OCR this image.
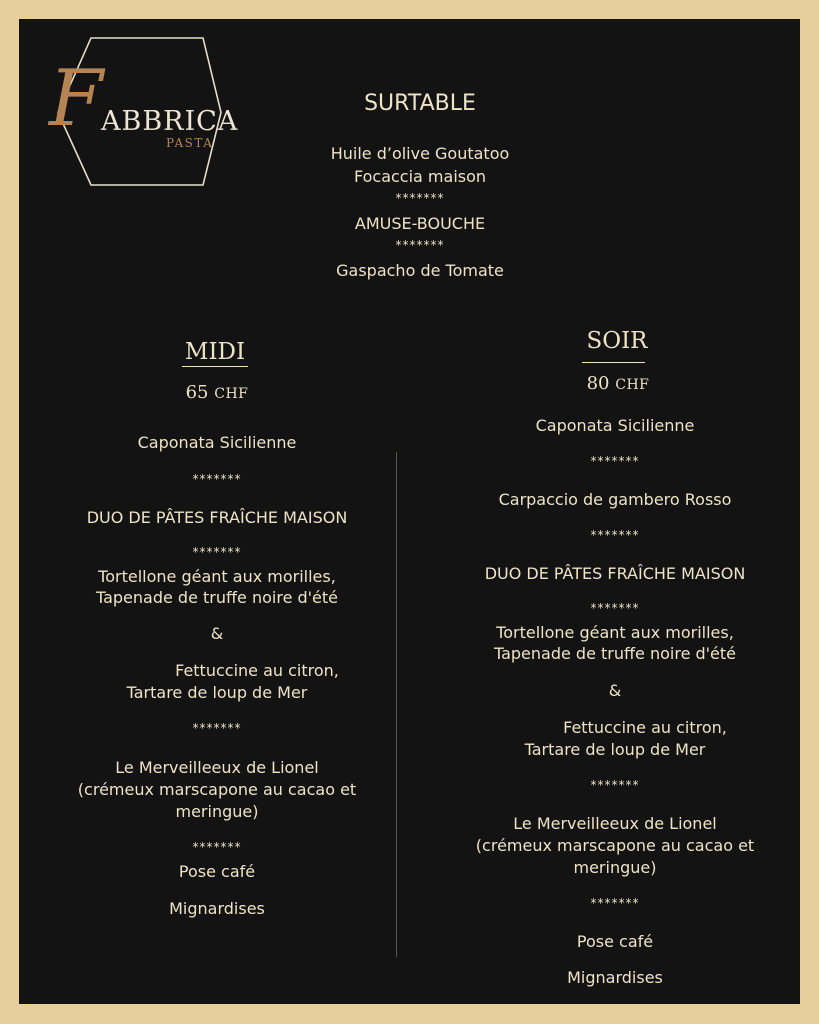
F
ABBRICA
PASTA
SURTABLE
Huile d’olive Goutatoo
Focaccia maison
*******
AMUSE-BOUCHE
*******
Gaspacho de Tomate
MIDI
65 CHF
Caponata Sicilienne
*******
DUO DE PÂTES FRAÎCHE MAISON
*******
Tortellone géant aux morilles,
Tapenade de truffe noire d'été
&
Fettuccine au citron,
Tartare de loup de Mer
*******
Le Merveilleeux de Lionel
(crémeux marscapone au cacao et
meringue)
*******
Pose café
Mignardises
SOIR
80 CHF
Caponata Sicilienne
*******
Carpaccio de gambero Rosso
*******
DUO DE PÂTES FRAÎCHE MAISON
*******
Tortellone géant aux morilles,
Tapenade de truffe noire d'été
&
Fettuccine au citron,
Tartare de loup de Mer
*******
Le Merveilleeux de Lionel
(crémeux marscapone au cacao et
meringue)
*******
Pose café
Mignardises
